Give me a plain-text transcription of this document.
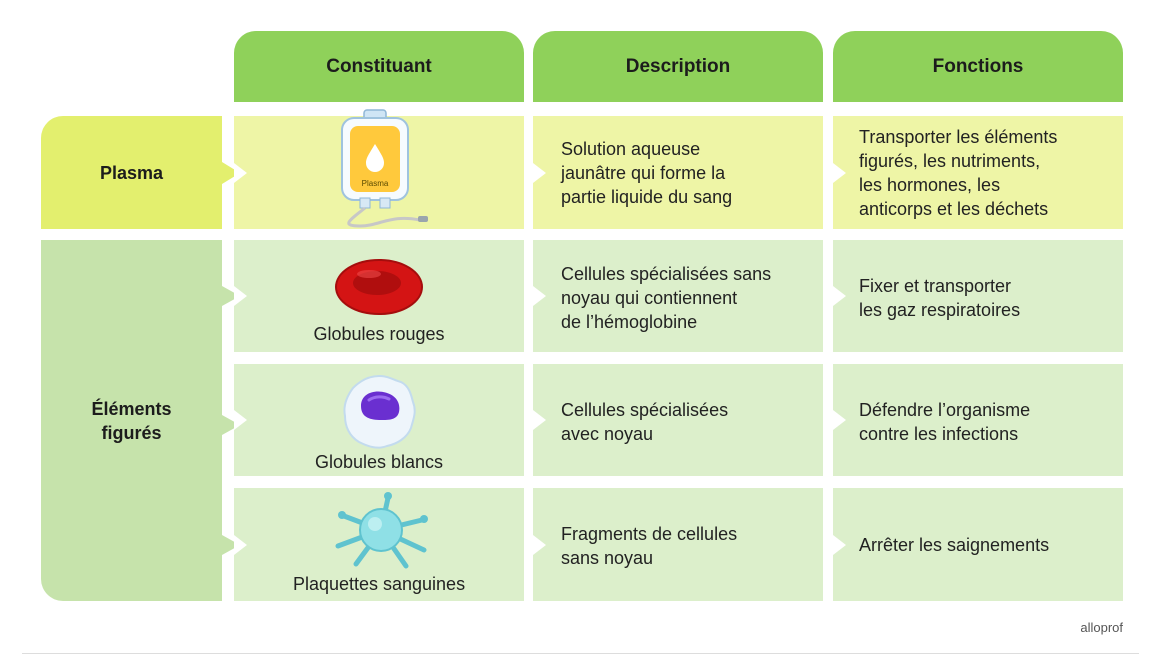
Constituant	Description	Fonctions
Plasma
Éléments
figurés
Plasma
Solution aqueuse
jaunâtre qui forme la
partie liquide du sang
Transporter les éléments
figurés, les nutriments,
les hormones, les
anticorps et les déchets
Globules rouges
Cellules spécialisées sans
noyau qui contiennent
de l’hémoglobine
Fixer et transporter
les gaz respiratoires
Globules blancs
Cellules spécialisées
avec noyau
Défendre l’organisme
contre les infections
Plaquettes sanguines
Fragments de cellules
sans noyau
Arrêter les saignements
alloprof
